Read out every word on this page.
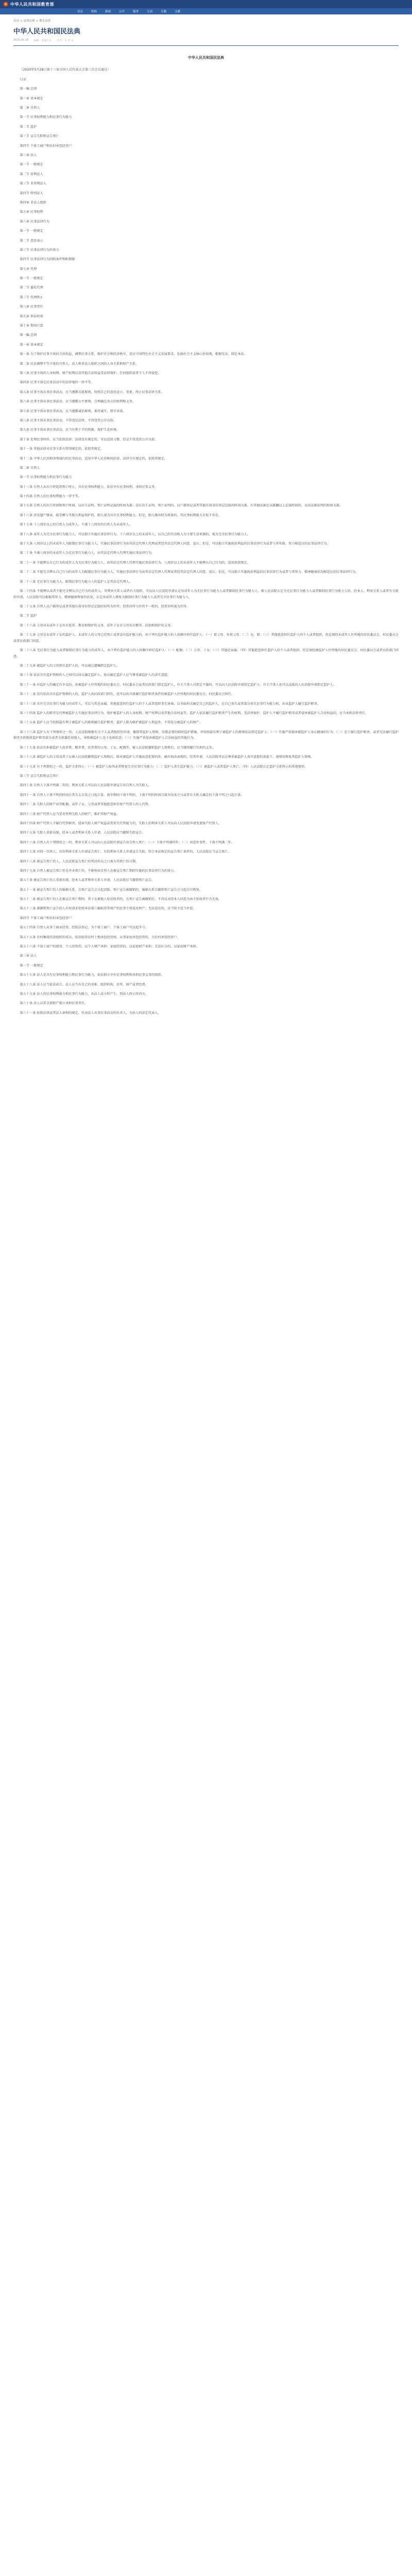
中华人民共和国教育部
首页	机构	新闻	公开	服务	互动	专题	文献
首页 > 法律法规 > 教育法律
中华人民共和国民法典
2020-05-28 来源：全国人大 字号：大 中 小

中华人民共和国民法典

（2020年5月28日第十三届全国人民代表大会第三次会议通过）

目录

第一编 总则

第一章 基本规定

第二章 自然人

第一节 民事权利能力和民事行为能力

第二节 监护

第三节 宣告失踪和宣告死亡

第四节 个体工商户和农村承包经营户

第三章 法人

第一节 一般规定

第二节 营利法人

第三节 非营利法人

第四节 特别法人

第四章 非法人组织

第五章 民事权利

第六章 民事法律行为

第一节 一般规定

第二节 意思表示

第三节 民事法律行为的效力

第四节 民事法律行为的附条件和附期限

第七章 代理

第一节 一般规定

第二节 委托代理

第三节 代理终止

第八章 民事责任

第九章 诉讼时效

第十章 期间计算

第一编 总则

第一章 基本规定

第一条 为了保护民事主体的合法权益，调整民事关系，维护社会和经济秩序，适应中国特色社会主义发展要求，弘扬社会主义核心价值观，根据宪法，制定本法。

第二条 民法调整平等主体的自然人、法人和非法人组织之间的人身关系和财产关系。

第三条 民事主体的人身权利、财产权利以及其他合法权益受法律保护，任何组织或者个人不得侵犯。

第四条 民事主体在民事活动中的法律地位一律平等。

第五条 民事主体从事民事活动，应当遵循自愿原则，按照自己的意思设立、变更、终止民事法律关系。

第六条 民事主体从事民事活动，应当遵循公平原则，合理确定各方的权利和义务。

第七条 民事主体从事民事活动，应当遵循诚信原则，秉持诚实，恪守承诺。

第八条 民事主体从事民事活动，不得违反法律，不得违背公序良俗。

第九条 民事主体从事民事活动，应当有利于节约资源、保护生态环境。

第十条 处理民事纠纷，应当依照法律；法律没有规定的，可以适用习惯，但是不得违背公序良俗。

第十一条 其他法律对民事关系有特别规定的，依照其规定。

第十二条 中华人民共和国领域内的民事活动，适用中华人民共和国法律。法律另有规定的，依照其规定。

第二章 自然人

第一节 民事权利能力和民事行为能力

第十三条 自然人从出生时起到死亡时止，具有民事权利能力，依法享有民事权利，承担民事义务。

第十四条 自然人的民事权利能力一律平等。

第十五条 自然人的出生时间和死亡时间，以出生证明、死亡证明记载的时间为准；没有出生证明、死亡证明的，以户籍登记或者其他有效身份登记记载的时间为准。有其他证据足以推翻以上记载时间的，以该证据证明的时间为准。

第十六条 涉及遗产继承、接受赠与等胎儿利益保护的，胎儿视为具有民事权利能力。但是，胎儿娩出时为死体的，其民事权利能力自始不存在。

第十七条 十八周岁以上的自然人为成年人。不满十八周岁的自然人为未成年人。

第十八条 成年人为完全民事行为能力人，可以独立实施民事法律行为。十六周岁以上的未成年人，以自己的劳动收入为主要生活来源的，视为完全民事行为能力人。

第十九条 八周岁以上的未成年人为限制民事行为能力人，实施民事法律行为由其法定代理人代理或者经其法定代理人同意、追认；但是，可以独立实施纯获利益的民事法律行为或者与其年龄、智力相适应的民事法律行为。

第二十条 不满八周岁的未成年人为无民事行为能力人，由其法定代理人代理实施民事法律行为。

第二十一条 不能辨认自己行为的成年人为无民事行为能力人，由其法定代理人代理实施民事法律行为。八周岁以上的未成年人不能辨认自己行为的，适用前款规定。

第二十二条 不能完全辨认自己行为的成年人为限制民事行为能力人，实施民事法律行为由其法定代理人代理或者经其法定代理人同意、追认；但是，可以独立实施纯获利益的民事法律行为或者与其智力、精神健康状况相适应的民事法律行为。

第二十三条 无民事行为能力人、限制民事行为能力人的监护人是其法定代理人。

第二十四条 不能辨认或者不能完全辨认自己行为的成年人，其利害关系人或者有关组织，可以向人民法院申请认定该成年人为无民事行为能力人或者限制民事行为能力人。被人民法院认定为无民事行为能力人或者限制民事行为能力人的，经本人、利害关系人或者有关组织申请，人民法院可以根据其智力、精神健康恢复的状况，认定该成年人恢复为限制民事行为能力人或者完全民事行为能力人。

第二十五条 自然人以户籍登记或者其他有效身份登记记载的居所为住所；经常居所与住所不一致的，经常居所视为住所。

第二节 监护

第二十六条 父母对未成年子女负有抚养、教育和保护的义务。成年子女对父母负有赡养、扶助和保护的义务。

第二十七条 父母是未成年子女的监护人。未成年人的父母已经死亡或者没有监护能力的，由下列有监护能力的人按顺序担任监护人：（一）祖父母、外祖父母；（二）兄、姐；（三）其他愿意担任监护人的个人或者组织，但是须经未成年人住所地的居民委员会、村民委员会或者民政部门同意。

第二十八条 无民事行为能力或者限制民事行为能力的成年人，由下列有监护能力的人按顺序担任监护人：（一）配偶；（二）父母、子女；（三）其他近亲属；（四）其他愿意担任监护人的个人或者组织，但是须经被监护人住所地的居民委员会、村民委员会或者民政部门同意。

第二十九条 被监护人的父母担任监护人的，可以通过遗嘱指定监护人。

第三十条 依法具有监护资格的人之间可以协议确定监护人。协议确定监护人应当尊重被监护人的真实意愿。

第三十一条 对监护人的确定有争议的，由被监护人住所地的居民委员会、村民委员会或者民政部门指定监护人，有关当事人对指定不服的，可以向人民法院申请指定监护人；有关当事人也可以直接向人民法院申请指定监护人。

第三十二条 没有依法具有监护资格的人的，监护人由民政部门担任，也可以由具备履行监护职责条件的被监护人住所地的居民委员会、村民委员会担任。

第三十三条 具有完全民事行为能力的成年人，可以与其近亲属、其他愿意担任监护人的个人或者组织事先协商，以书面形式确定自己的监护人，在自己丧失或者部分丧失民事行为能力时，由该监护人履行监护职责。

第三十四条 监护人的职责是代理被监护人实施民事法律行为，保护被监护人的人身权利、财产权利以及其他合法权益等。监护人依法履行监护职责产生的权利，受法律保护。监护人不履行监护职责或者侵害被监护人合法权益的，应当承担法律责任。

第三十五条 监护人应当按照最有利于被监护人的原则履行监护职责。监护人除为维护被监护人利益外，不得处分被监护人的财产。

第三十六条 监护人有下列情形之一的，人民法院根据有关个人或者组织的申请，撤销其监护人资格，安排必要的临时监护措施，并按照最有利于被监护人的原则依法指定监护人：（一）实施严重损害被监护人身心健康的行为；（二）怠于履行监护职责，或者无法履行监护职责且拒绝将监护职责部分或者全部委托给他人，导致被监护人处于危困状态；（三）实施严重侵害被监护人合法权益的其他行为。

第三十七条 依法负担被监护人抚养费、赡养费、扶养费的父母、子女、配偶等，被人民法院撤销监护人资格后，应当继续履行负担的义务。

第三十八条 被监护人的父母或者子女被人民法院撤销监护人资格后，除对被监护人实施故意犯罪的外，确有悔改表现的，经其申请，人民法院可以在尊重被监护人真实意愿的前提下，视情况恢复其监护人资格。

第三十九条 有下列情形之一的，监护关系终止：（一）被监护人取得或者恢复完全民事行为能力；（二）监护人丧失监护能力；（三）被监护人或者监护人死亡；（四）人民法院认定监护关系终止的其他情形。

第三节 宣告失踪和宣告死亡

第四十条 自然人下落不明满二年的，利害关系人可以向人民法院申请宣告该自然人为失踪人。

第四十一条 自然人下落不明的时间自其失去音讯之日起计算。战争期间下落不明的，下落不明的时间自战争结束之日或者有关机关确定的下落不明之日起计算。

第四十二条 失踪人的财产由其配偶、成年子女、父母或者其他愿意担任财产代管人的人代管。

第四十三条 财产代管人应当妥善管理失踪人的财产，维护其财产权益。

第四十四条 财产代管人不履行代管职责、侵害失踪人财产权益或者丧失代管能力的，失踪人的利害关系人可以向人民法院申请变更财产代管人。

第四十五条 失踪人重新出现，经本人或者利害关系人申请，人民法院应当撤销失踪宣告。

第四十六条 自然人有下列情形之一的，利害关系人可以向人民法院申请宣告该自然人死亡：（一）下落不明满四年；（二）因意外事件，下落不明满二年。

第四十七条 对同一自然人，有的利害关系人申请宣告死亡，有的利害关系人申请宣告失踪，符合本法规定的宣告死亡条件的，人民法院应当宣告死亡。

第四十八条 被宣告死亡的人，人民法院宣告死亡的判决作出之日视为其死亡的日期。

第四十九条 自然人被宣告死亡但是并未死亡的，不影响该自然人在被宣告死亡期间实施的民事法律行为的效力。

第五十条 被宣告死亡的人重新出现，经本人或者利害关系人申请，人民法院应当撤销死亡宣告。

第五十一条 被宣告死亡的人的婚姻关系，自死亡宣告之日起消除。死亡宣告被撤销的，婚姻关系自撤销死亡宣告之日起自行恢复。

第五十二条 被宣告死亡的人在被宣告死亡期间，其子女被他人依法收养的，在死亡宣告被撤销后，不得以未经本人同意为由主张收养行为无效。

第五十三条 被撤销死亡宣告的人有权请求依照本法第六编取得其财产的民事主体返还财产；无法返还的，应当给予适当补偿。

第四节 个体工商户和农村承包经营户

第五十四条 自然人从事工商业经营，经依法登记，为个体工商户。个体工商户可以起字号。

第五十五条 农村集体经济组织的成员，依法取得农村土地承包经营权，从事家庭承包经营的，为农村承包经营户。

第五十六条 个体工商户的债务，个人经营的，以个人财产承担；家庭经营的，以家庭财产承担；无法区分的，以家庭财产承担。

第三章 法人

第一节 一般规定

第五十七条 法人是具有民事权利能力和民事行为能力，依法独立享有民事权利和承担民事义务的组织。

第五十八条 法人应当依法成立。法人应当有自己的名称、组织机构、住所、财产或者经费。

第五十九条 法人的民事权利能力和民事行为能力，从法人成立时产生，到法人终止时消灭。

第六十条 法人以其全部财产独立承担民事责任。

第六十一条 依照法律或者法人章程的规定，代表法人从事民事活动的负责人，为法人的法定代表人。
